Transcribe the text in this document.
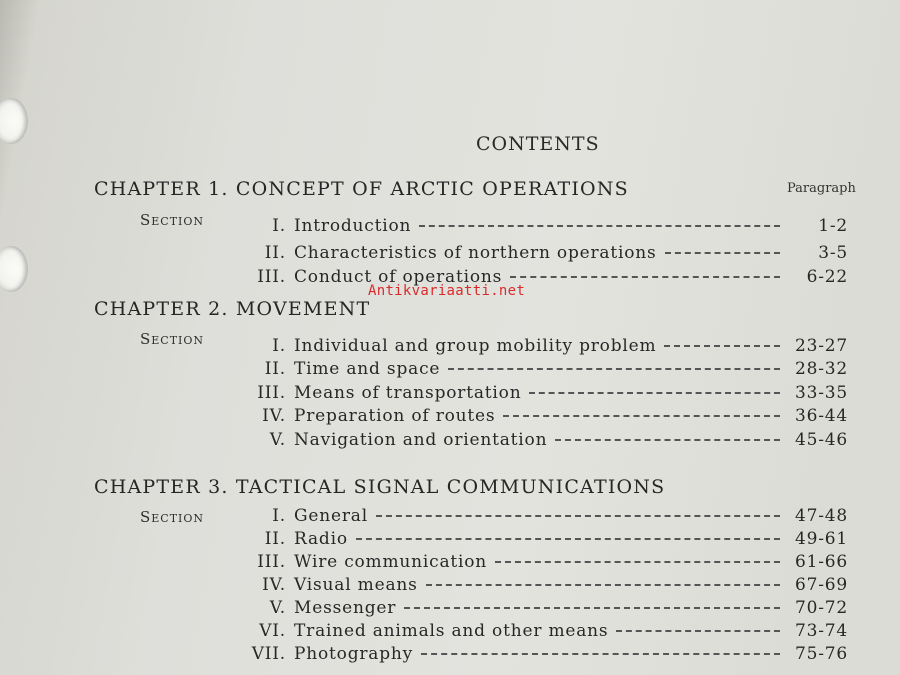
CONTENTS
Paragraph
CHAPTER 1. CONCEPT OF ARCTIC OPERATIONS
Section	I. Introduction	1-2
II. Characteristics of northern operations	3-5
III. Conduct of operations	6-22
CHAPTER 2. MOVEMENT
Section	I. Individual and group mobility problem	23-27
II. Time and space	28-32
III. Means of transportation	33-35
IV. Preparation of routes	36-44
V. Navigation and orientation	45-46
CHAPTER 3. TACTICAL SIGNAL COMMUNICATIONS
Section	I. General	47-48
II. Radio	49-61
III. Wire communication	61-66
IV. Visual means	67-69
V. Messenger	70-72
VI. Trained animals and other means	73-74
VII. Photography	75-76
Antikvariaatti.net
